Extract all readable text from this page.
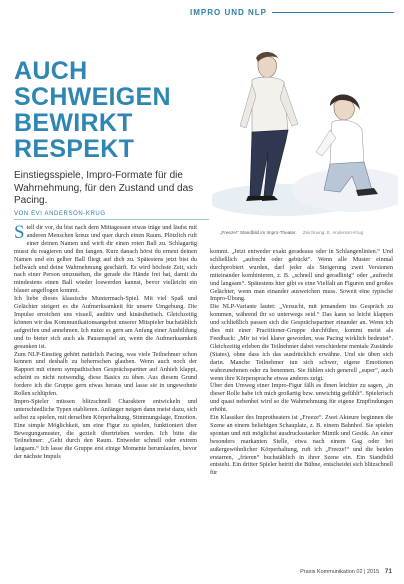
IMPRO UND NLP
AUCH
SCHWEIGEN
BEWIRKT
RESPEKT

Einstiegsspiele, Impro-Formate für die Wahrnehmung, für den Zustand und das Pacing.

VON EVI ANDERSON-KRUG
„Freeze!“ Standbild im Impro-Theater. Zeichnung: E. Anderson-Krug

Stell dir vor, du bist nach dem Mittagessen etwas träge und läufst mit anderen Menschen kreuz und quer durch einen Raum. Plötzlich ruft einer deinen Namen und wirft dir einen roten Ball zu. Schlagartig musst du reagieren und ihn fangen. Kurz danach hörst du erneut deinen Namen und ein gelber Ball fliegt auf dich zu. Spätestens jetzt bist du hellwach und deine Wahrnehmung geschärft. Es wird höchste Zeit, sich nach einer Person umzusehen, die gerade die Hände frei hat, damit du mindestens einen Ball wieder loswerden kannst, bevor vielleicht ein blauer angeflogen kommt.

Ich liebe dieses klassische Muntermach-Spiel. Mit viel Spaß und Gelächter steigert es die Aufmerksamkeit für unsere Umgebung. Die Impulse erreichen uns visuell, auditiv und kinästhetisch. Gleichzeitig können wir das Kommunikationsangebot unserer Mitspieler buchstäblich aufgreifen und annehmen. Ich nutze es gern am Anfang einer Ausbildung und to bieter sich auch als Pausenspiel an, wenn die Aufmerksamkeit gesunken ist.

Zum NLP-Einstieg gehört natürlich Pacing, was viele Teilnehmer schon kennen und deshalb zu beherrschen glauben. Wenn auch noch der Rapport mit einem sympathischen Gesprächspartner auf Anhieb klappt, scheint es nicht notwendig, diese Basics zu üben. Aus diesem Grund fordere ich die Gruppe gern etwas heraus und lasse sie in ungewohnte Rollen schlüpfen.

Impro-Spieler müssen blitzschnell Charaktere entwickeln und unterschiedliche Typen etablieren. Anfänger neigen dann meist dazu, sich selbst zu spielen, mit derselben Körperhaltung, Stimmungslage, Emotion. Eine simple Möglichkeit, um eine Figur zu spielen, funktioniert über Bewegungsmuster, die gezielt übertrieben werden. Ich bitte die Teilnehmer: „Geht durch den Raum. Entweder schnell oder extrem langsam.“ Ich lasse die Gruppe erst einige Momente herumlaufen, bevor der nächste Impuls

kommt. „Jetzt entweder exakt geradeaus oder in Schlangenlinien.“ Und schließlich „aufrecht oder gebückt“. Wenn alle Muster einmal durchprobiert wurden, darf jeder als Steigerung zwei Versionen miteinander kombinieren, z. B. „schnell und geradlinig“ oder „aufrecht und langsam“. Spätestens hier gibt es eine Vielfalt an Figuren und großes Gelächter, wenn man einander ausweichen muss. Soweit eine typische Impro-Übung.

Die NLP-Variante lautet: „Versucht, mit jemandem ins Gespräch zu kommen, während ihr so unterwegs seid.“ Das kann so leicht klappen und schließlich passen sich die Gesprächspartner einander an. Wenn ich dies mit einer Practitioner-Gruppe durchführe, kommt meist als Feedback: „Mir ist viel klarer geworden, was Pacing wirklich bedeutet“. Gleichzeitig erleben die Teilnehmer dabei verschiedene mentale Zustände (States), ohne dass ich das ausdrücklich erwähne. Und sie üben sich darin. Manche Teilnehmer tun sich schwer, eigene Emotionen wahrzunehmen oder zu benennen. Sie fühlen sich generell „super“, auch wenn ihre Körpersprache etwas anderes zeigt.

Über den Umweg einer Impro-Figur fällt es ihnen leichter zu sagen, „in dieser Rolle habe ich mich großartig bzw. unwichtig gefühlt“. Spielerisch und quasi nebenbei wird so die Wahrnehmung für eigene Empfindungen erhöht.

Ein Klassiker des Improtheaters ist „Freeze“. Zwei Akteure beginnen die Szene an einem beliebigen Schauplatz, z. B. einem Bahnhof. Sie spielen spontan und mit möglichst ausdrucksstarker Mimik und Gestik. An einer besonders markanten Stelle, etwa nach einem Gag oder bei außergewöhnlicher Körperhaltung, ruft ich „Freeze!“ und die beiden erstarren, „frieren“ buchstäblich in ihrer Szene ein. Ein Standbild entsteht. Ein dritter Spieler betritt die Bühne, entscheidet sich blitzschnell für

Praxis Kommunikation 02 | 2015 71
